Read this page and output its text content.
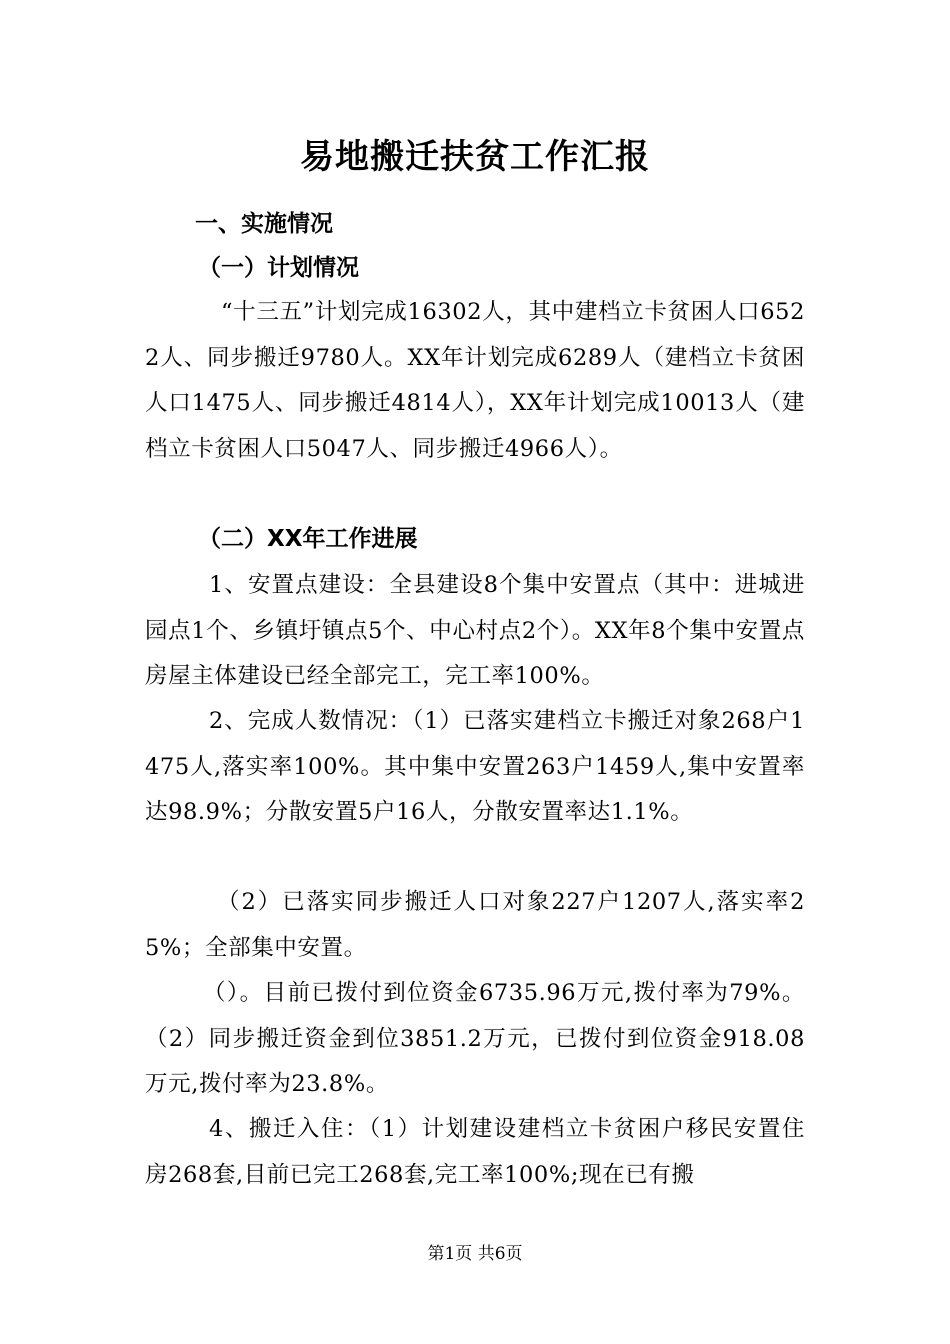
易地搬迁扶贫工作汇报
一、实施情况
（一）计划情况
“十三五”计划完成16302人，其中建档立卡贫困人口6522人、同步搬迁9780人。XX年计划完成6289人（建档立卡贫困人口1475人、同步搬迁4814人），XX年计划完成10013人（建档立卡贫困人口5047人、同步搬迁4966人）。
（二）XX年工作进展
1、安置点建设：全县建设8个集中安置点（其中：进城进园点1个、乡镇圩镇点5个、中心村点2个）。XX年8个集中安置点房屋主体建设已经全部完工，完工率100%。
2、完成人数情况：（1）已落实建档立卡搬迁对象268户1475人,落实率100%。其中集中安置263户1459人,集中安置率达98.9%；分散安置5户16人，分散安置率达1.1%。
（2）已落实同步搬迁人口对象227户1207人,落实率25%；全部集中安置。
（）。目前已拨付到位资金6735.96万元,拨付率为79%。（2）同步搬迁资金到位3851.2万元，已拨付到位资金918.08万元,拨付率为23.8%。
4、搬迁入住：（1）计划建设建档立卡贫困户移民安置住房268套,目前已完工268套,完工率100%;现在已有搬
第1页 共6页
